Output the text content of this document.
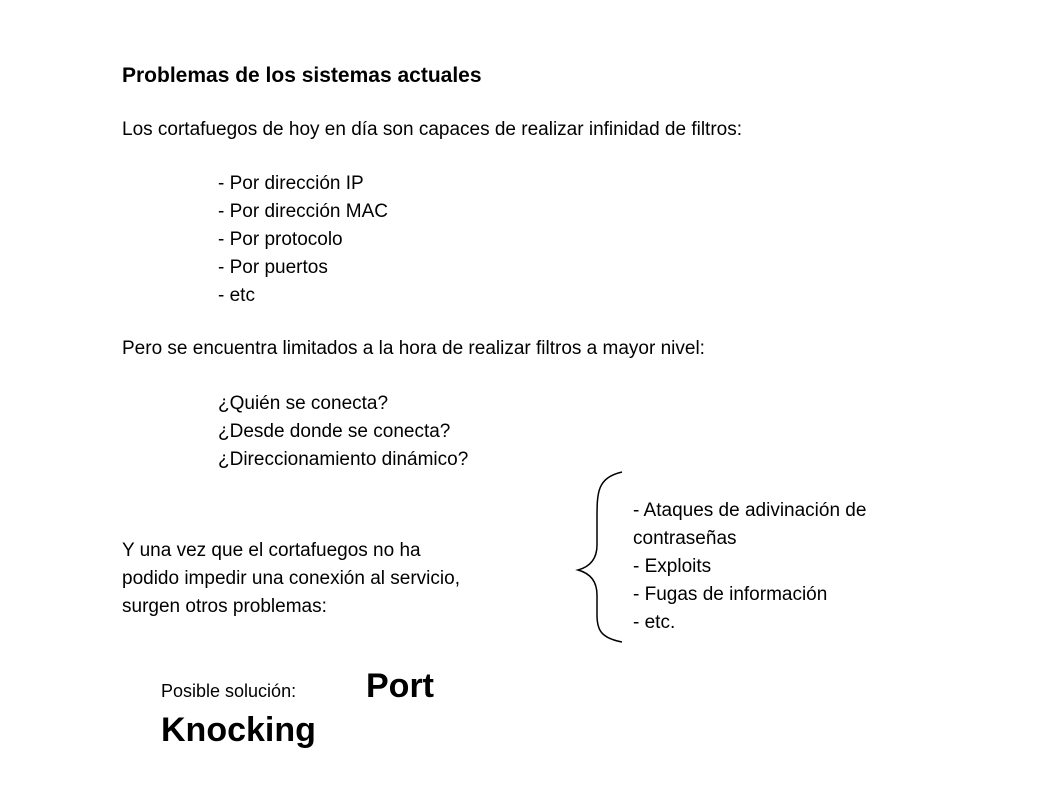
Problemas de los sistemas actuales
Los cortafuegos de hoy en día son capaces de realizar infinidad de filtros:
- Por dirección IP
- Por dirección MAC
- Por protocolo
- Por puertos
- etc
Pero se encuentra limitados a la hora de realizar filtros a mayor nivel:
¿Quién se conecta?
¿Desde donde se conecta?
¿Direccionamiento dinámico?
Y una vez que el cortafuegos no ha
podido impedir una conexión al servicio,
surgen otros problemas:
- Ataques de adivinación de
contraseñas
- Exploits
- Fugas de información
- etc.
Posible solución: Port
Knocking
